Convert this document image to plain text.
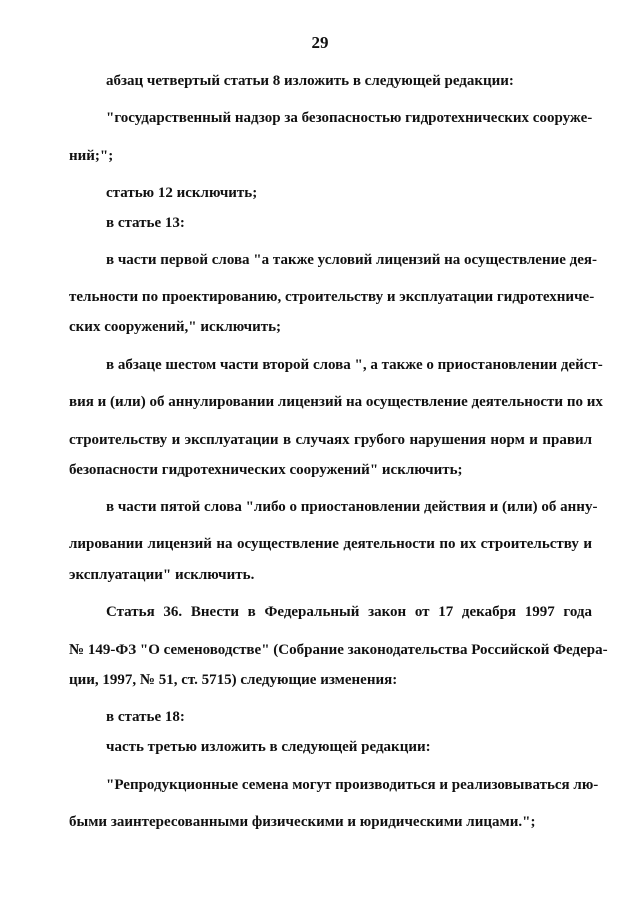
29
абзац четвертый статьи 8 изложить в следующей редакции:
"государственный надзор за безопасностью гидротехнических сооруже-
ний;";
статью 12 исключить;
в статье 13:
в части первой слова "а также условий лицензий на осуществление дея-
тельности по проектированию, строительству и эксплуатации гидротехниче-
ских сооружений," исключить;
в абзаце шестом части второй слова ", а также о приостановлении дейст-
вия и (или) об аннулировании лицензий на осуществление деятельности по их
строительству и эксплуатации в случаях грубого нарушения норм и правил
безопасности гидротехнических сооружений" исключить;
в части пятой слова "либо о приостановлении действия и (или) об анну-
лировании лицензий на осуществление деятельности по их строительству и
эксплуатации" исключить.
Статья 36. Внести в Федеральный закон от 17 декабря 1997 года
№ 149-ФЗ "О семеноводстве" (Собрание законодательства Российской Федера-
ции, 1997, № 51, ст. 5715) следующие изменения:
в статье 18:
часть третью изложить в следующей редакции:
"Репродукционные семена могут производиться и реализовываться лю-
быми заинтересованными физическими и юридическими лицами.";
